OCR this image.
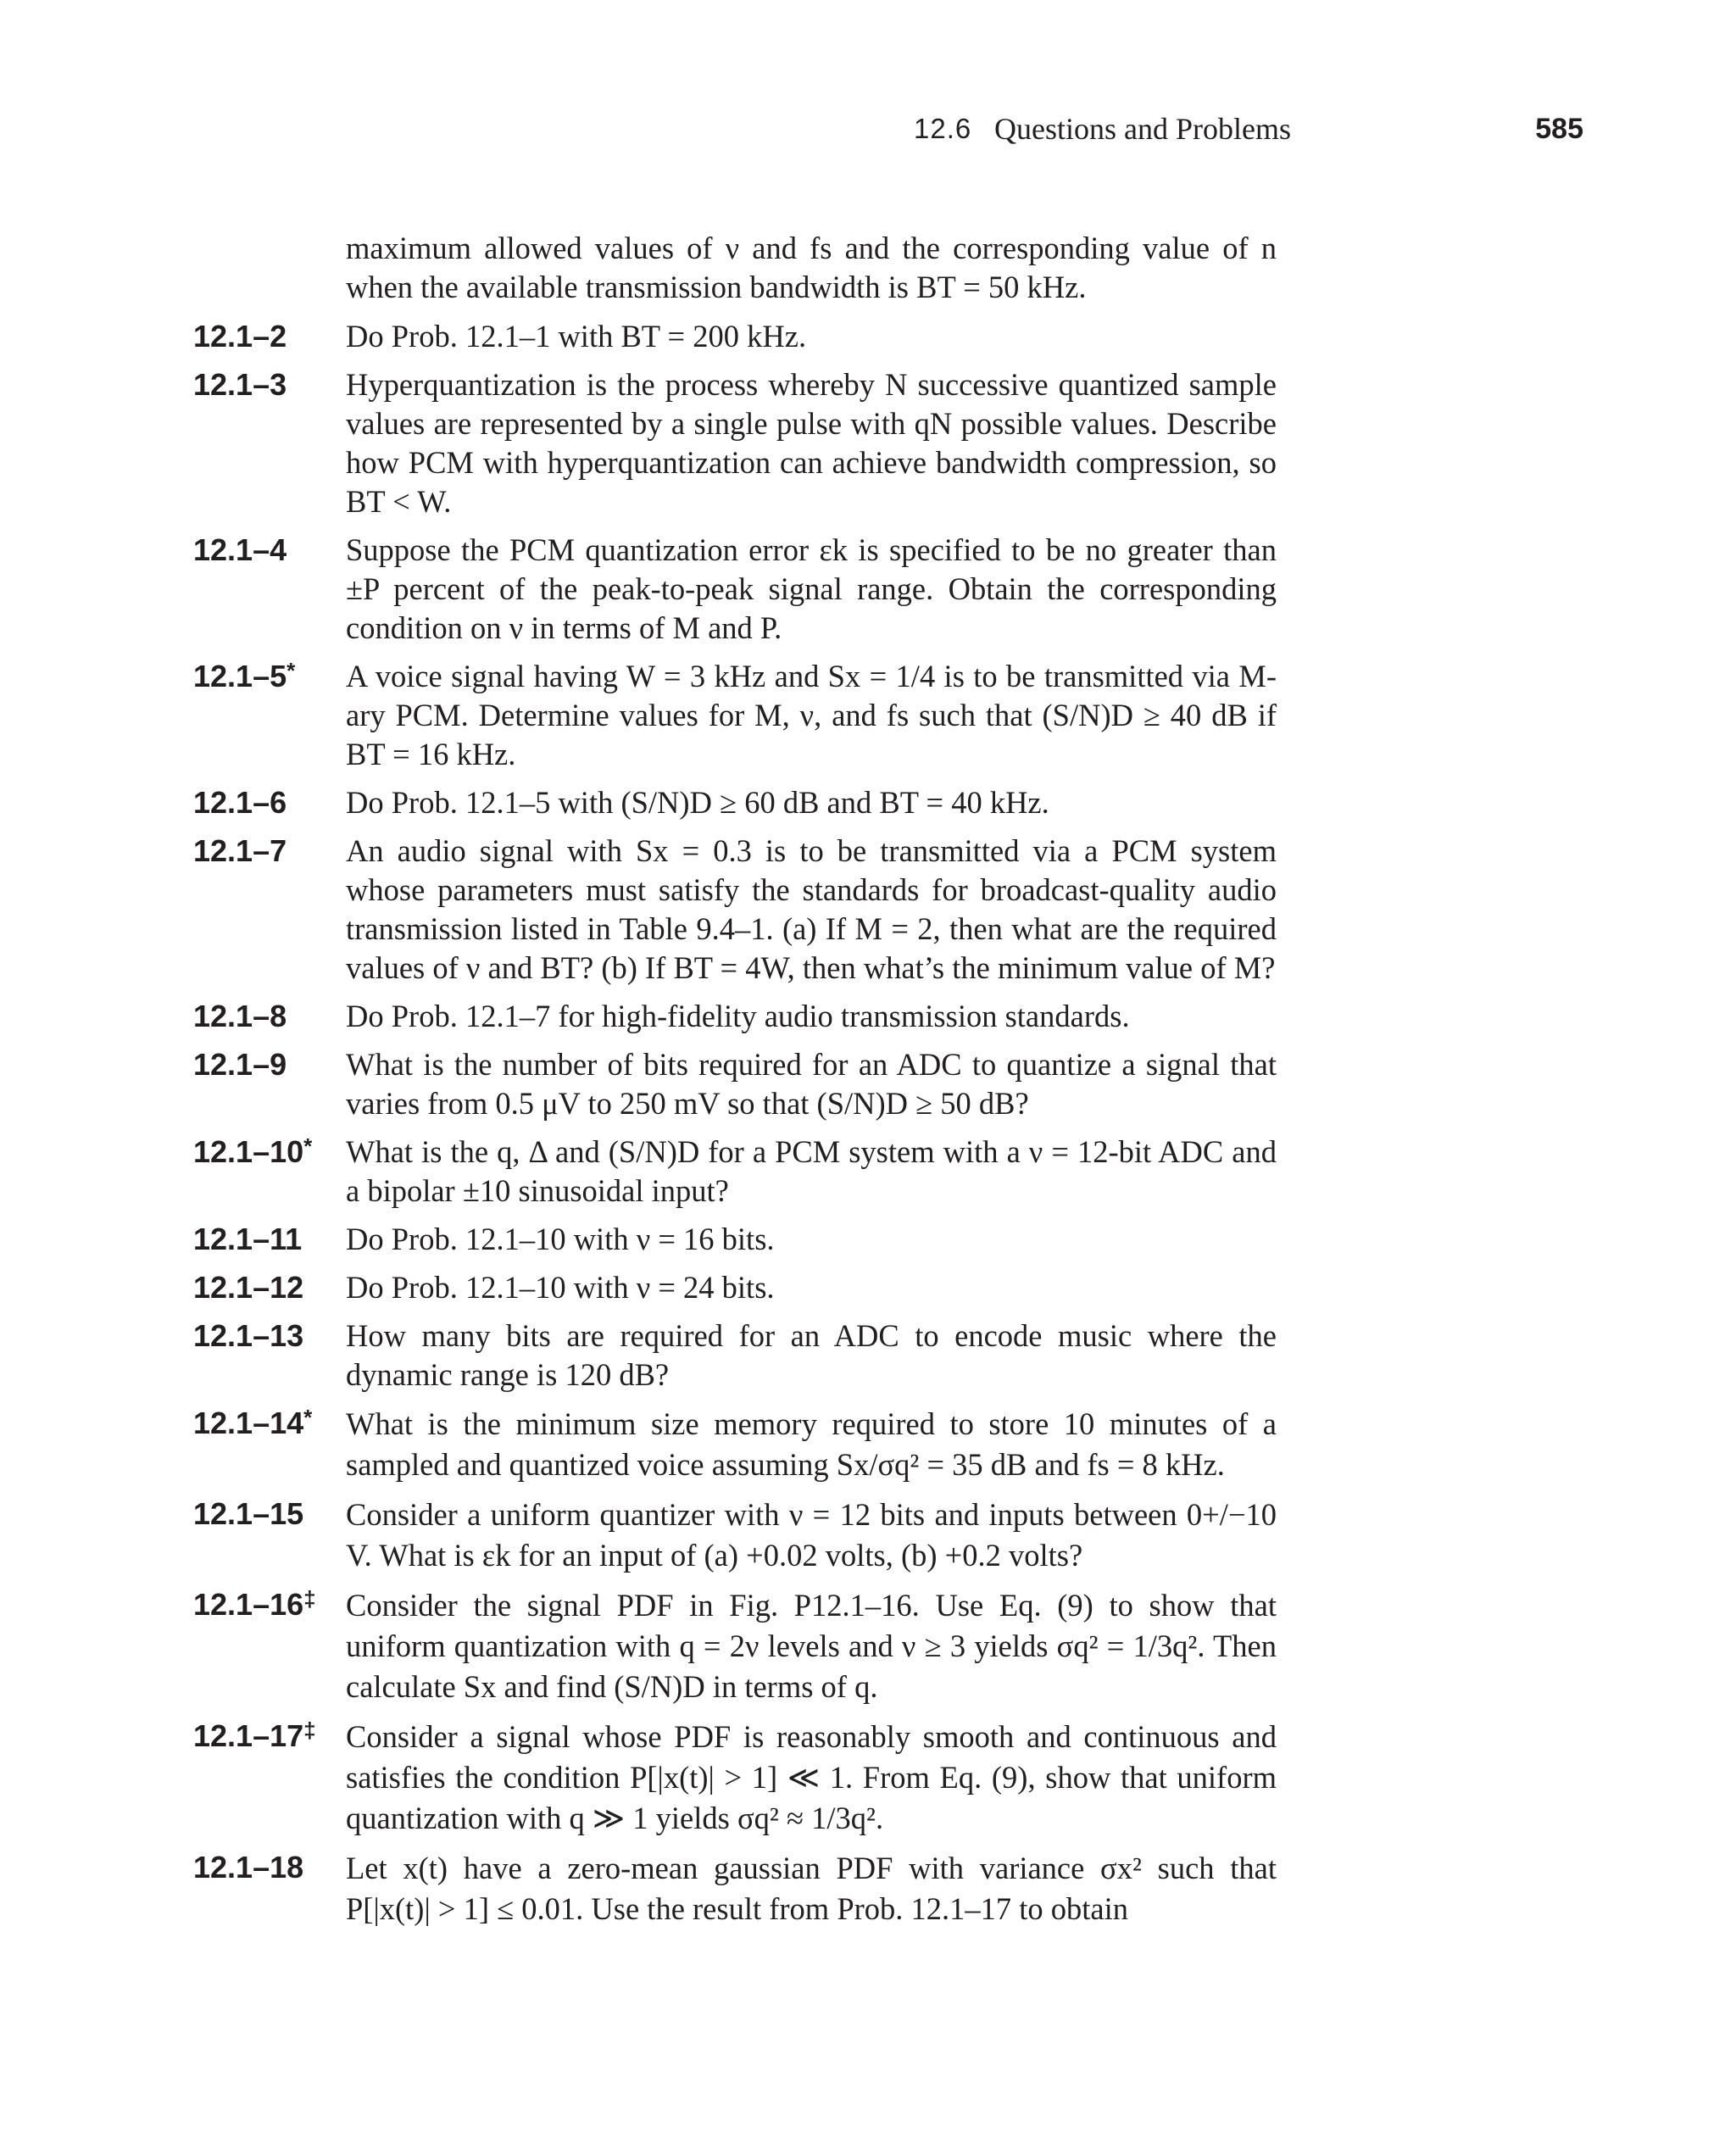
12.6 Questions and Problems	585
maximum allowed values of ν and fs and the corresponding value of n when the available transmission bandwidth is BT = 50 kHz.
12.1–2 Do Prob. 12.1–1 with BT = 200 kHz.
12.1–3 Hyperquantization is the process whereby N successive quantized sample values are represented by a single pulse with qN possible values. Describe how PCM with hyperquantization can achieve bandwidth compression, so BT < W.
12.1–4 Suppose the PCM quantization error εk is specified to be no greater than ±P percent of the peak-to-peak signal range. Obtain the corresponding condition on ν in terms of M and P.
12.1–5* A voice signal having W = 3 kHz and Sx = 1/4 is to be transmitted via M-ary PCM. Determine values for M, ν, and fs such that (S/N)D ≥ 40 dB if BT = 16 kHz.
12.1–6 Do Prob. 12.1–5 with (S/N)D ≥ 60 dB and BT = 40 kHz.
12.1–7 An audio signal with Sx = 0.3 is to be transmitted via a PCM system whose parameters must satisfy the standards for broadcast-quality audio transmission listed in Table 9.4–1. (a) If M = 2, then what are the required values of ν and BT? (b) If BT = 4W, then what’s the minimum value of M?
12.1–8 Do Prob. 12.1–7 for high-fidelity audio transmission standards.
12.1–9 What is the number of bits required for an ADC to quantize a signal that varies from 0.5 μV to 250 mV so that (S/N)D ≥ 50 dB?
12.1–10* What is the q, Δ and (S/N)D for a PCM system with a ν = 12-bit ADC and a bipolar ±10 sinusoidal input?
12.1–11 Do Prob. 12.1–10 with ν = 16 bits.
12.1–12 Do Prob. 12.1–10 with ν = 24 bits.
12.1–13 How many bits are required for an ADC to encode music where the dynamic range is 120 dB?
12.1–14* What is the minimum size memory required to store 10 minutes of a sampled and quantized voice assuming Sx/σq² = 35 dB and fs = 8 kHz.
12.1–15 Consider a uniform quantizer with ν = 12 bits and inputs between 0+/−10 V. What is εk for an input of (a) +0.02 volts, (b) +0.2 volts?
12.1–16‡ Consider the signal PDF in Fig. P12.1–16. Use Eq. (9) to show that uniform quantization with q = 2ν levels and ν ≥ 3 yields σq² = 1/3q². Then calculate Sx and find (S/N)D in terms of q.
12.1–17‡ Consider a signal whose PDF is reasonably smooth and continuous and satisfies the condition P[|x(t)| > 1] ≪ 1. From Eq. (9), show that uniform quantization with q ≫ 1 yields σq² ≈ 1/3q².
12.1–18 Let x(t) have a zero-mean gaussian PDF with variance σx² such that P[|x(t)| > 1] ≤ 0.01. Use the result from Prob. 12.1–17 to obtain
